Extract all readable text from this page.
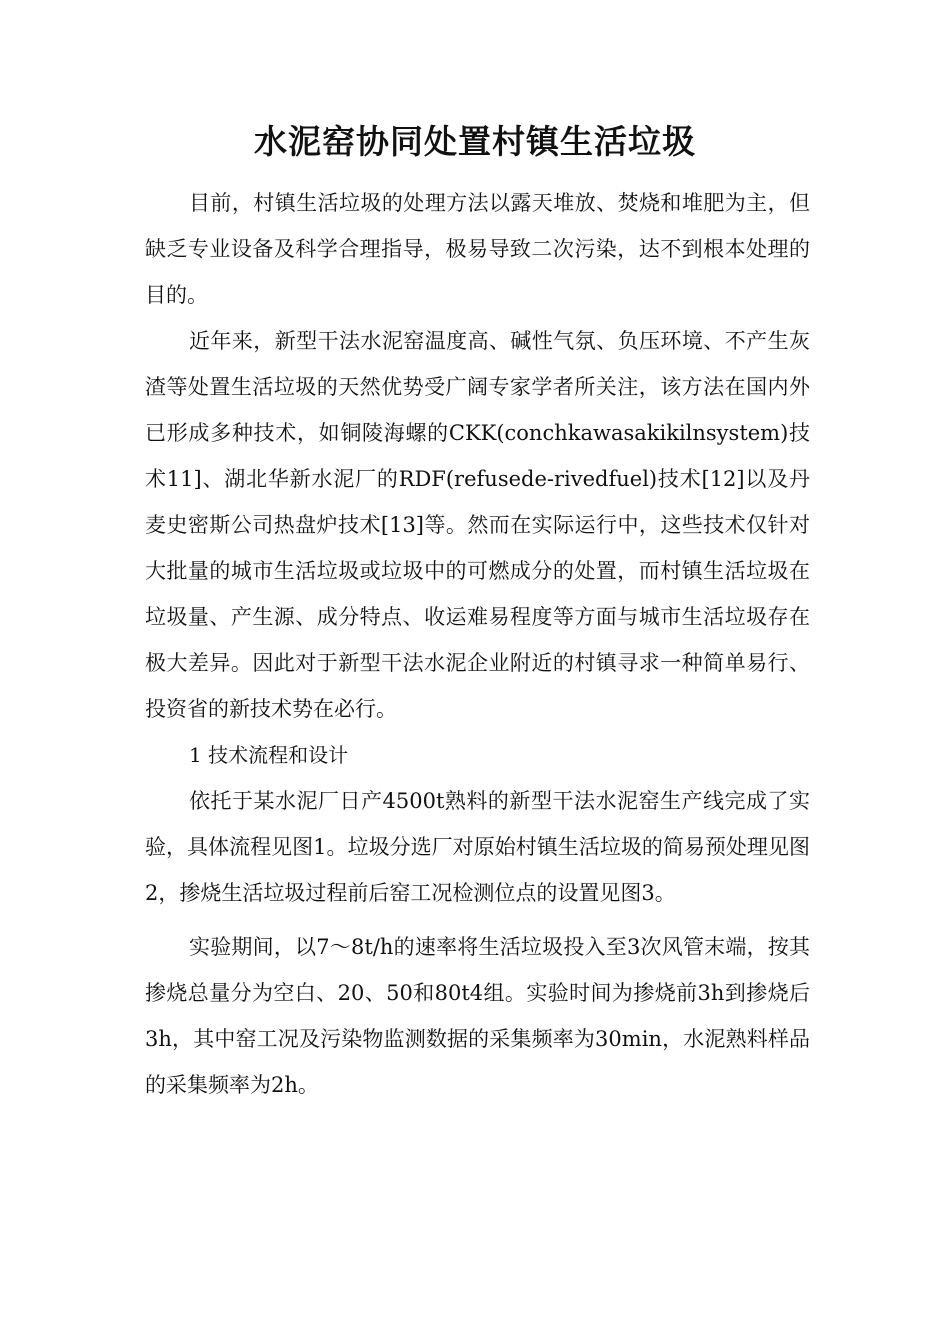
水泥窑协同处置村镇生活垃圾

目前，村镇生活垃圾的处理方法以露天堆放、焚烧和堆肥为主，但缺乏专业设备及科学合理指导，极易导致二次污染，达不到根本处理的目的。

近年来，新型干法水泥窑温度高、碱性气氛、负压环境、不产生灰渣等处置生活垃圾的天然优势受广阔专家学者所关注，该方法在国内外已形成多种技术，如铜陵海螺的CKK(conchkawasakikilnsystem)技术11]、湖北华新水泥厂的RDF(refusede-rivedfuel)技术[12]以及丹麦史密斯公司热盘炉技术[13]等。然而在实际运行中，这些技术仅针对大批量的城市生活垃圾或垃圾中的可燃成分的处置，而村镇生活垃圾在垃圾量、产生源、成分特点、收运难易程度等方面与城市生活垃圾存在极大差异。因此对于新型干法水泥企业附近的村镇寻求一种简单易行、投资省的新技术势在必行。

1 技术流程和设计

依托于某水泥厂日产4500t熟料的新型干法水泥窑生产线完成了实验，具体流程见图1。垃圾分选厂对原始村镇生活垃圾的简易预处理见图2，掺烧生活垃圾过程前后窑工况检测位点的设置见图3。

实验期间，以7～8t/h的速率将生活垃圾投入至3次风管末端，按其掺烧总量分为空白、20、50和80t4组。实验时间为掺烧前3h到掺烧后3h，其中窑工况及污染物监测数据的采集频率为30min，水泥熟料样品的采集频率为2h。
